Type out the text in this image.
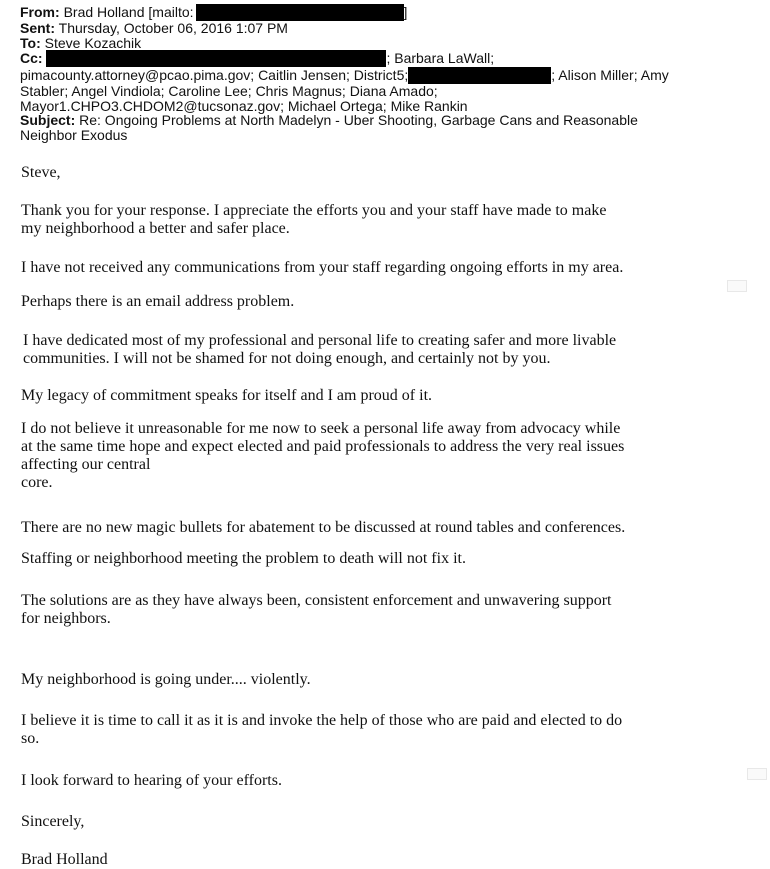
From: Brad Holland [mailto:	]
Sent: Thursday, October 06, 2016 1:07 PM
To: Steve Kozachik
Cc:	; Barbara LaWall;
pimacounty.attorney@pcao.pima.gov; Caitlin Jensen; District5;	; Alison Miller; Amy
Stabler; Angel Vindiola; Caroline Lee; Chris Magnus; Diana Amado;
Mayor1.CHPO3.CHDOM2@tucsonaz.gov; Michael Ortega; Mike Rankin
Subject: Re: Ongoing Problems at North Madelyn - Uber Shooting, Garbage Cans and Reasonable
Neighbor Exodus

Steve,

Thank you for your response. I appreciate the efforts you and your staff have made to make
my neighborhood a better and safer place.

I have not received any communications from your staff regarding ongoing efforts in my area.

Perhaps there is an email address problem.

I have dedicated most of my professional and personal life to creating safer and more livable
communities. I will not be shamed for not doing enough, and certainly not by you.

My legacy of commitment speaks for itself and I am proud of it.

I do not believe it unreasonable for me now to seek a personal life away from advocacy while
at the same time hope and expect elected and paid professionals to address the very real issues
affecting our central
core.

There are no new magic bullets for abatement to be discussed at round tables and conferences.

Staffing or neighborhood meeting the problem to death will not fix it.

The solutions are as they have always been, consistent enforcement and unwavering support
for neighbors.

My neighborhood is going under.... violently.

I believe it is time to call it as it is and invoke the help of those who are paid and elected to do
so.

I look forward to hearing of your efforts.

Sincerely,

Brad Holland
